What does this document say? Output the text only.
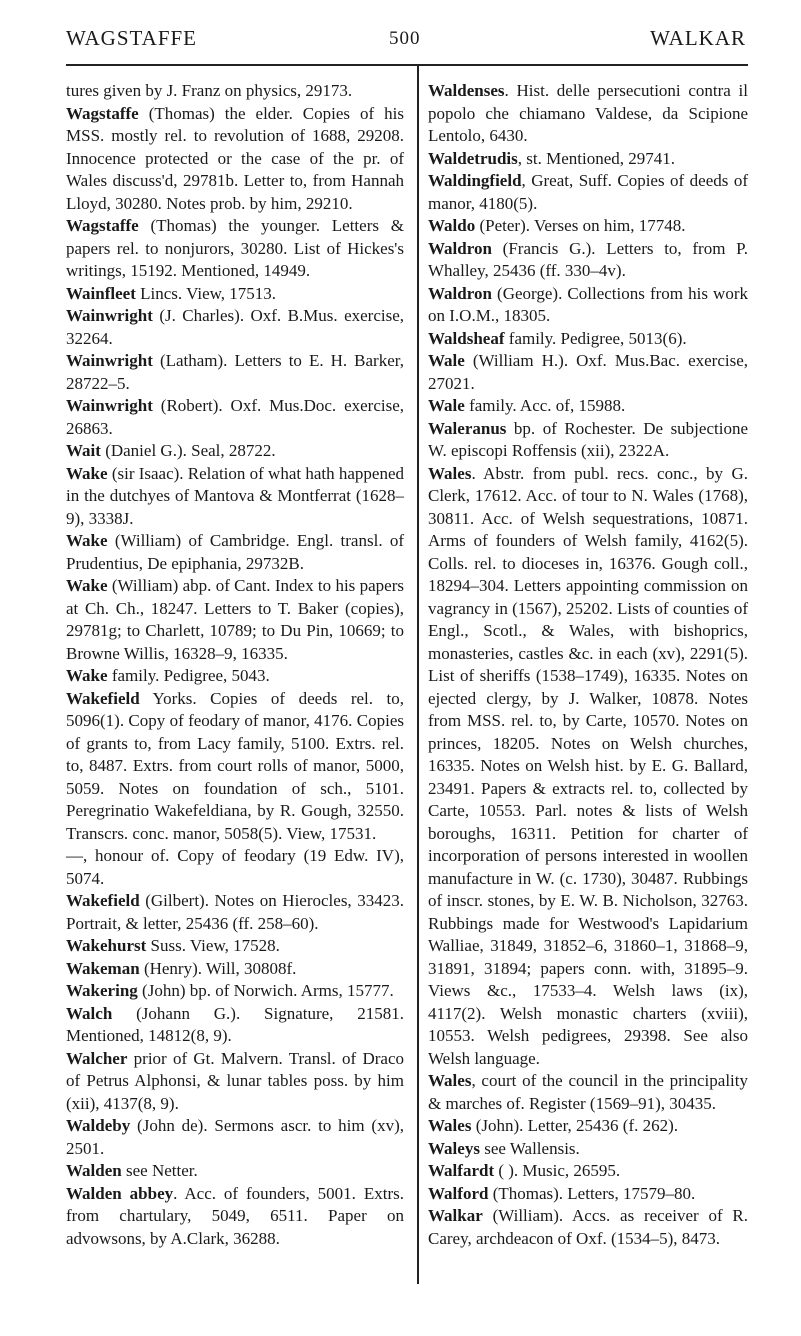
WAGSTAFFE	500	WALKAR

tures given by J. Franz on physics, 29173.

Wagstaffe (Thomas) the elder. Copies of his MSS. mostly rel. to revolution of 1688, 29208. Innocence protected or the case of the pr. of Wales discuss'd, 29781b. Letter to, from Hannah Lloyd, 30280. Notes prob. by him, 29210.

Wagstaffe (Thomas) the younger. Letters & papers rel. to nonjurors, 30280. List of Hickes's writings, 15192. Mentioned, 14949.

Wainfleet Lincs. View, 17513.

Wainwright (J. Charles). Oxf. B.Mus. exercise, 32264.

Wainwright (Latham). Letters to E. H. Barker, 28722–5.

Wainwright (Robert). Oxf. Mus.Doc. exercise, 26863.

Wait (Daniel G.). Seal, 28722.

Wake (sir Isaac). Relation of what hath happened in the dutchyes of Mantova & Montferrat (1628–9), 3338J.

Wake (William) of Cambridge. Engl. transl. of Prudentius, De epiphania, 29732B.

Wake (William) abp. of Cant. Index to his papers at Ch. Ch., 18247. Letters to T. Baker (copies), 29781g; to Charlett, 10789; to Du Pin, 10669; to Browne Willis, 16328–9, 16335.

Wake family. Pedigree, 5043.

Wakefield Yorks. Copies of deeds rel. to, 5096(1). Copy of feodary of manor, 4176. Copies of grants to, from Lacy family, 5100. Extrs. rel. to, 8487. Extrs. from court rolls of manor, 5000, 5059. Notes on foundation of sch., 5101. Peregrinatio Wakefeldiana, by R. Gough, 32550. Transcrs. conc. manor, 5058(5). View, 17531.

—, honour of. Copy of feodary (19 Edw. IV), 5074.

Wakefield (Gilbert). Notes on Hierocles, 33423. Portrait, & letter, 25436 (ff. 258–60).

Wakehurst Suss. View, 17528.

Wakeman (Henry). Will, 30808f.

Wakering (John) bp. of Norwich. Arms, 15777.

Walch (Johann G.). Signature, 21581. Mentioned, 14812(8, 9).

Walcher prior of Gt. Malvern. Transl. of Draco of Petrus Alphonsi, & lunar tables poss. by him (xii), 4137(8, 9).

Waldeby (John de). Sermons ascr. to him (xv), 2501.

Walden see Netter.

Walden abbey. Acc. of founders, 5001. Extrs. from chartulary, 5049, 6511. Paper on advowsons, by A.Clark, 36288.

Waldenses. Hist. delle persecutioni contra il popolo che chiamano Valdese, da Scipione Lentolo, 6430.

Waldetrudis, st. Mentioned, 29741.

Waldingfield, Great, Suff. Copies of deeds of manor, 4180(5).

Waldo (Peter). Verses on him, 17748.

Waldron (Francis G.). Letters to, from P. Whalley, 25436 (ff. 330–4v).

Waldron (George). Collections from his work on I.O.M., 18305.

Waldsheaf family. Pedigree, 5013(6).

Wale (William H.). Oxf. Mus.Bac. exercise, 27021.

Wale family. Acc. of, 15988.

Waleranus bp. of Rochester. De subjectione W. episcopi Roffensis (xii), 2322A.

Wales. Abstr. from publ. recs. conc., by G. Clerk, 17612. Acc. of tour to N. Wales (1768), 30811. Acc. of Welsh sequestrations, 10871. Arms of founders of Welsh family, 4162(5). Colls. rel. to dioceses in, 16376. Gough coll., 18294–304. Letters appointing commission on vagrancy in (1567), 25202. Lists of counties of Engl., Scotl., & Wales, with bishoprics, monasteries, castles &c. in each (xv), 2291(5). List of sheriffs (1538–1749), 16335. Notes on ejected clergy, by J. Walker, 10878. Notes from MSS. rel. to, by Carte, 10570. Notes on princes, 18205. Notes on Welsh churches, 16335. Notes on Welsh hist. by E. G. Ballard, 23491. Papers & extracts rel. to, collected by Carte, 10553. Parl. notes & lists of Welsh boroughs, 16311. Petition for charter of incorporation of persons interested in woollen manufacture in W. (c. 1730), 30487. Rubbings of inscr. stones, by E. W. B. Nicholson, 32763. Rubbings made for Westwood's Lapidarium Walliae, 31849, 31852–6, 31860–1, 31868–9, 31891, 31894; papers conn. with, 31895–9. Views &c., 17533–4. Welsh laws (ix), 4117(2). Welsh monastic charters (xviii), 10553. Welsh pedigrees, 29398. See also Welsh language.

Wales, court of the council in the principality & marches of. Register (1569–91), 30435.

Wales (John). Letter, 25436 (f. 262).

Waleys see Wallensis.

Walfardt ( ). Music, 26595.

Walford (Thomas). Letters, 17579–80.

Walkar (William). Accs. as receiver of R. Carey, archdeacon of Oxf. (1534–5), 8473.
